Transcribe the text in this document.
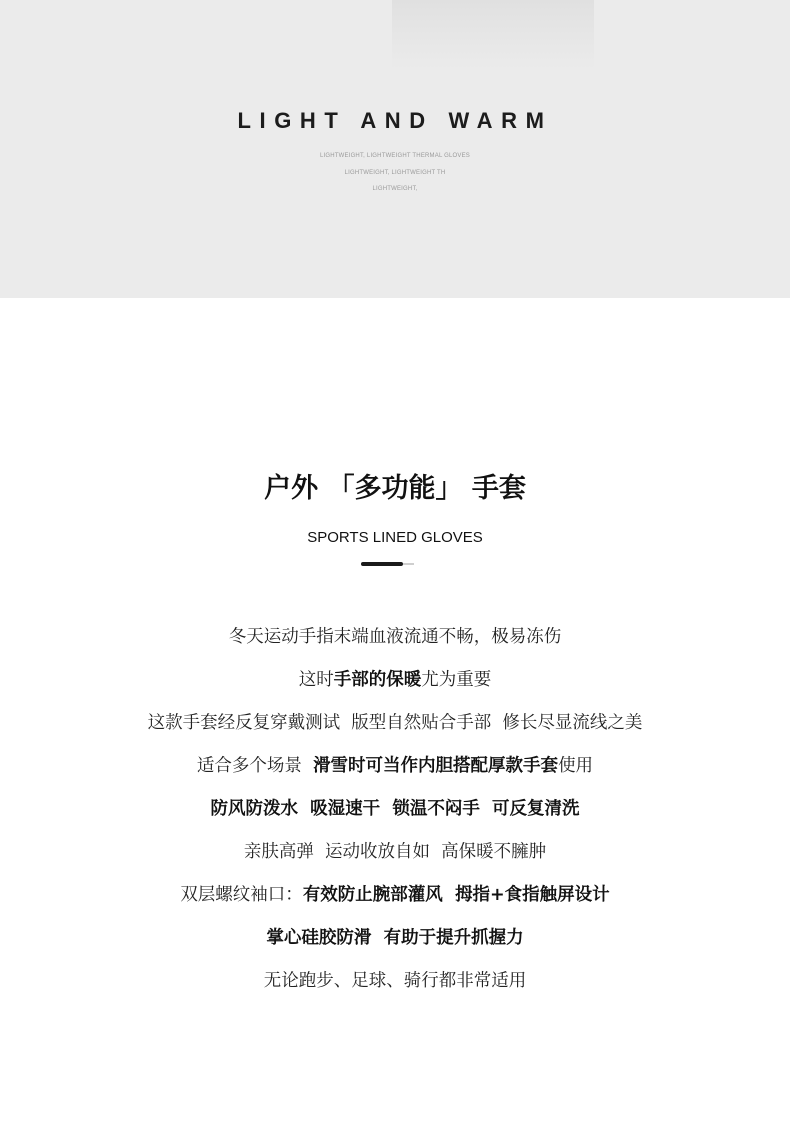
LIGHT AND WARM
LIGHTWEIGHT, LIGHTWEIGHT THERMAL GLOVES
LIGHTWEIGHT, LIGHTWEIGHT TH
LIGHTWEIGHT,
户外 「多功能」 手套
SPORTS LINED GLOVES
冬天运动手指末端血液流通不畅，极易冻伤
这时手部的保暖尤为重要
这款手套经反复穿戴测试  版型自然贴合手部  修长尽显流线之美
适合多个场景  滑雪时可当作内胆搭配厚款手套使用
防风防泼水  吸湿速干  锁温不闷手  可反复清洗
亲肤高弹  运动收放自如  高保暖不臃肿
双层螺纹袖口：有效防止腕部灌风  拇指+食指触屏设计
掌心硅胶防滑  有助于提升抓握力
无论跑步、足球、骑行都非常适用
